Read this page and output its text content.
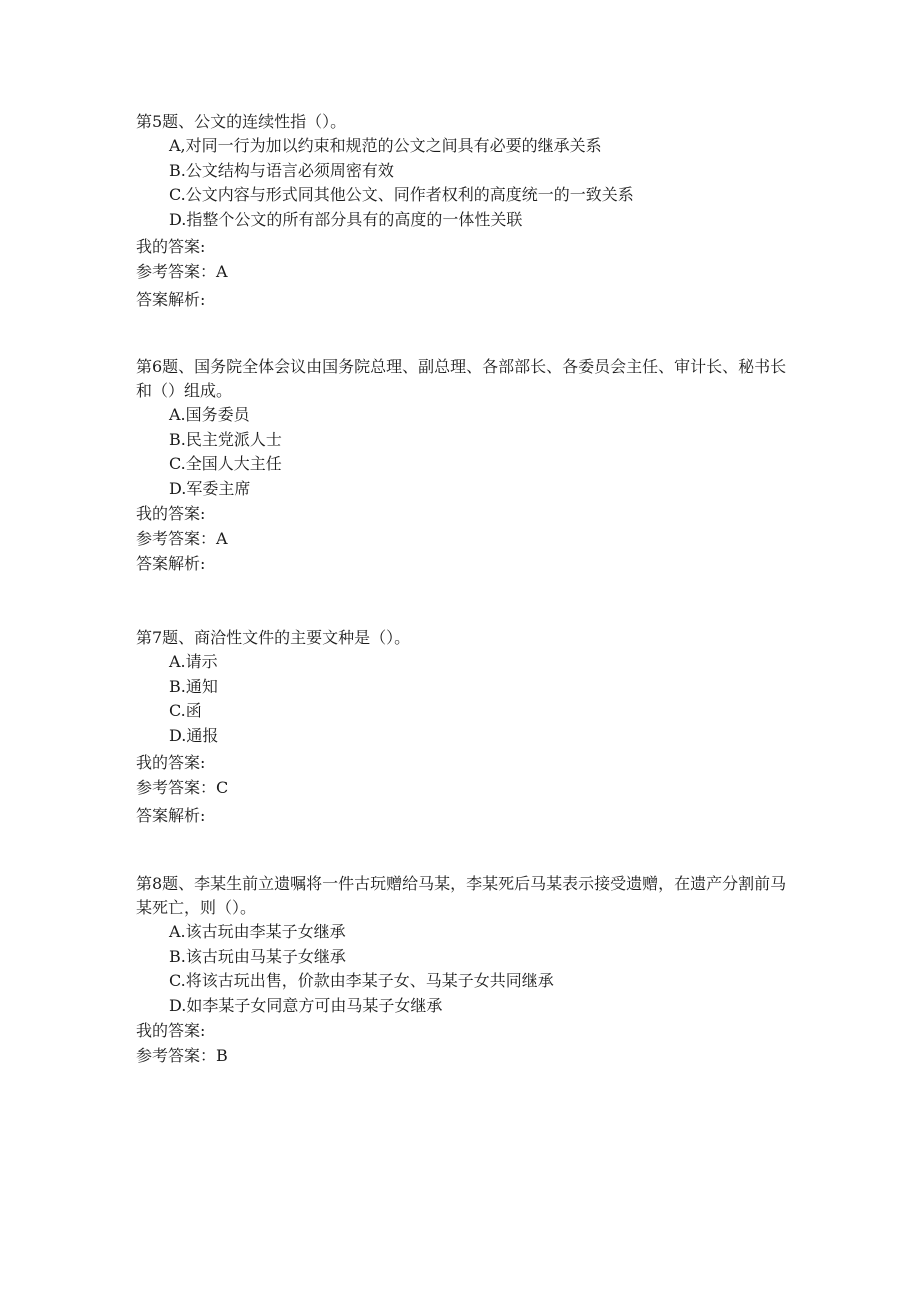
第5题、公文的连续性指（）。

A,对同一行为加以约束和规范的公文之间具有必要的继承关系
B.公文结构与语言必须周密有效
C.公文内容与形式同其他公文、同作者权利的高度统一的一致关系
D.指整个公文的所有部分具有的高度的一体性关联
我的答案:
参考答案：A
答案解析:

第6题、国务院全体会议由国务院总理、副总理、各部部长、各委员会主任、审计长、秘书长和（）组成。

A.国务委员
B.民主党派人士
C.全国人大主任
D.军委主席
我的答案:
参考答案：A
答案解析:

第7题、商洽性文件的主要文种是（）。

A.请示
B.通知
C.函
D.通报
我的答案:
参考答案：C
答案解析:

第8题、李某生前立遗嘱将一件古玩赠给马某，李某死后马某表示接受遗赠，在遗产分割前马某死亡，则（）。

A.该古玩由李某子女继承
B.该古玩由马某子女继承
C.将该古玩出售，价款由李某子女、马某子女共同继承
D.如李某子女同意方可由马某子女继承
我的答案:
参考答案：B
